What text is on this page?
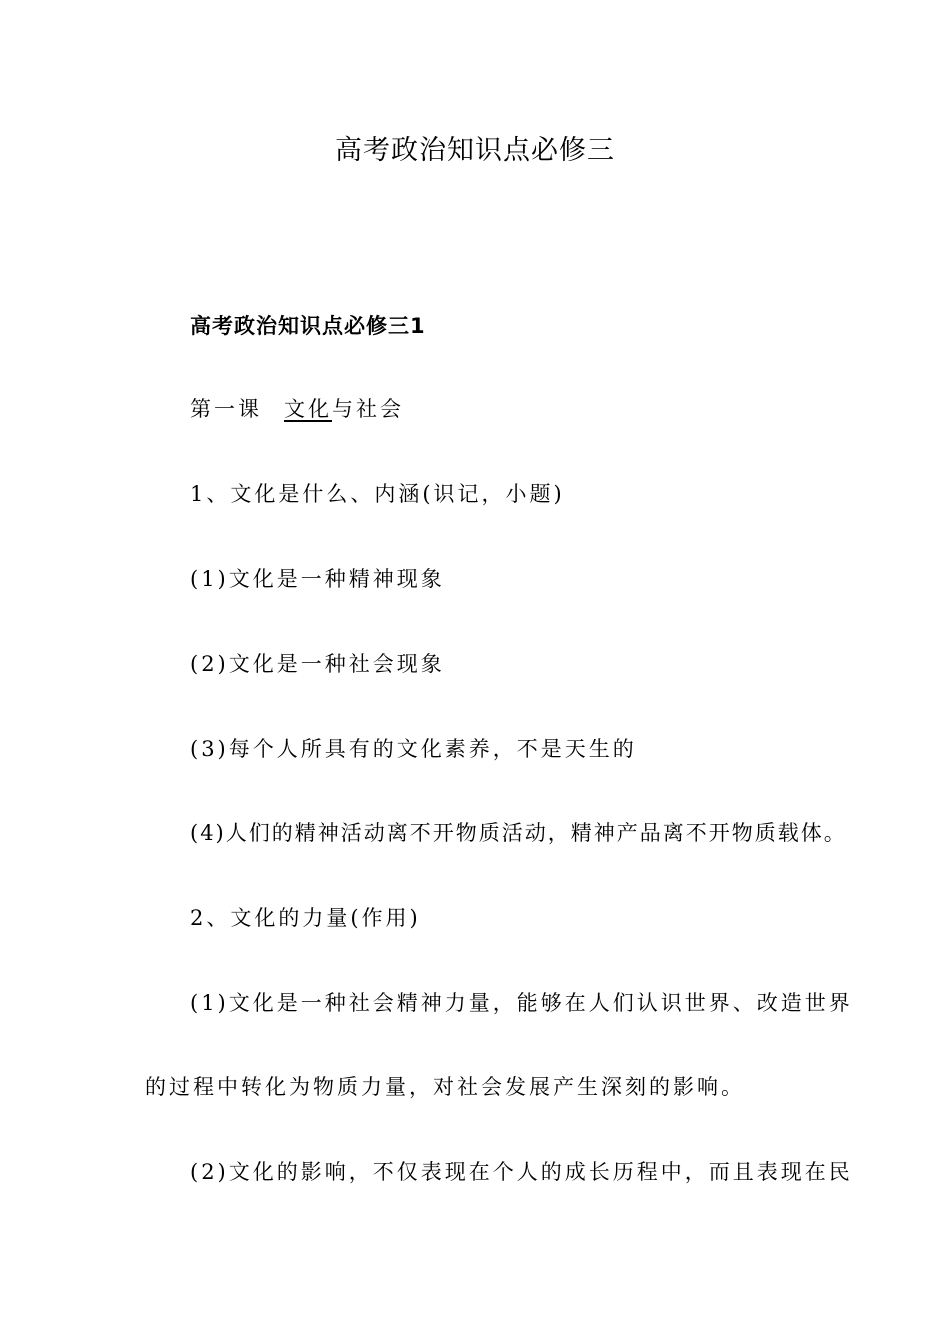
高考政治知识点必修三

高考政治知识点必修三1

第一课 文化与社会

1、文化是什么、内涵(识记，小题)

(1)文化是一种精神现象

(2)文化是一种社会现象

(3)每个人所具有的文化素养，不是天生的

(4)人们的精神活动离不开物质活动，精神产品离不开物质载体。

2、文化的力量(作用)

(1)文化是一种社会精神力量，能够在人们认识世界、改造世界

的过程中转化为物质力量，对社会发展产生深刻的影响。

(2)文化的影响，不仅表现在个人的成长历程中，而且表现在民
